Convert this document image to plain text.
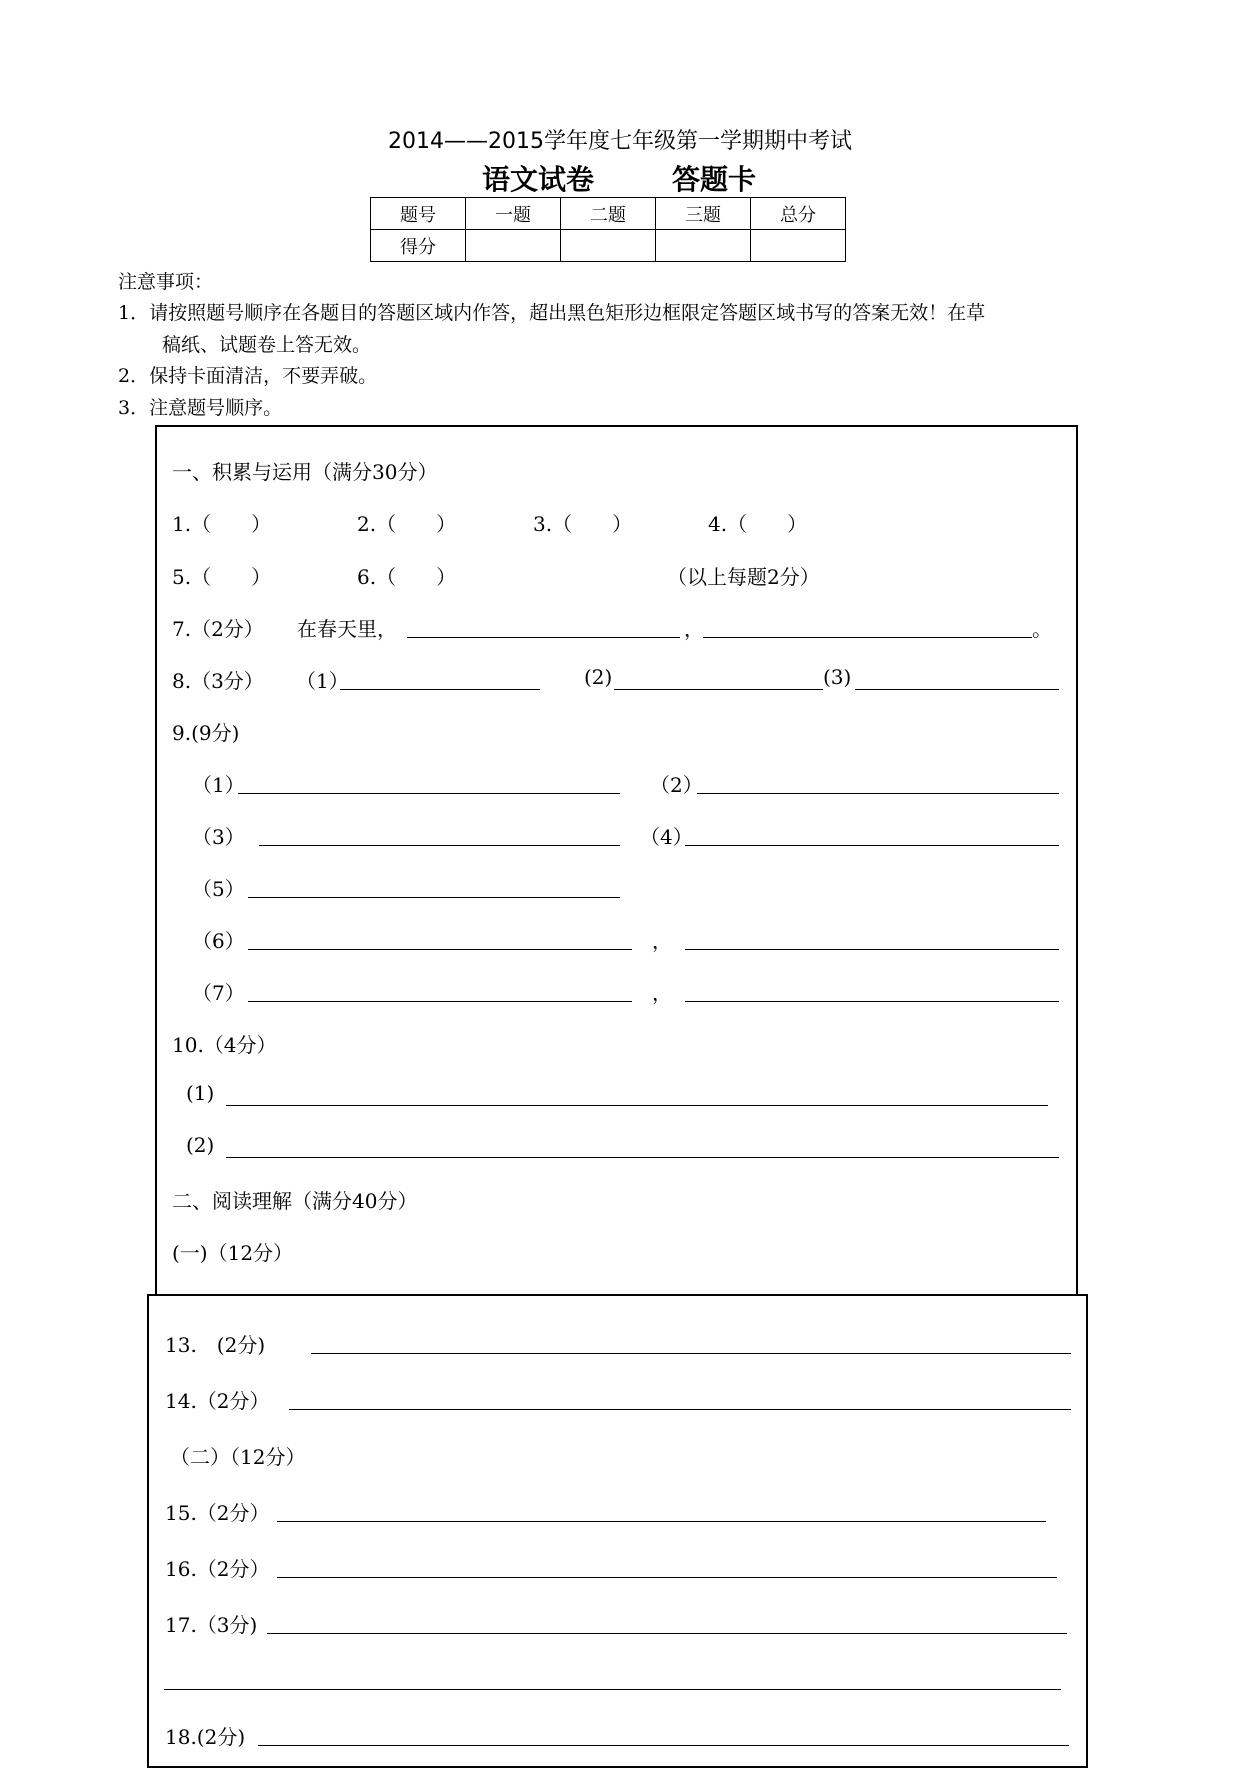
2014——2015学年度七年级第一学期期中考试
语文试卷	答题卡
题号	一题	二题	三题	总分
得分				
注意事项：
1．请按照题号顺序在各题目的答题区域内作答，超出黑色矩形边框限定答题区域书写的答案无效！在草
稿纸、试题卷上答无效。
2．保持卡面清洁，不要弄破。
3．注意题号顺序。
一、积累与运用（满分30分）
1.（　　）	2.（　　）	3.（　　）	4.（　　）
5.（　　）	6.（　　）	（以上每题2分）
7.（2分） 在春天里，	，	。
8.（3分） （1）	(2)	(3)
9.(9分)
（1）	（2）
（3）	（4）
（5）
（6）	，
（7）	，
10.（4分）
(1)
(2)
二、阅读理解（满分40分）
(一)（12分）
13.　(2分)
14.（2分）
（二）（12分）
15.（2分）
16.（2分）
17.（3分)
18.(2分)
